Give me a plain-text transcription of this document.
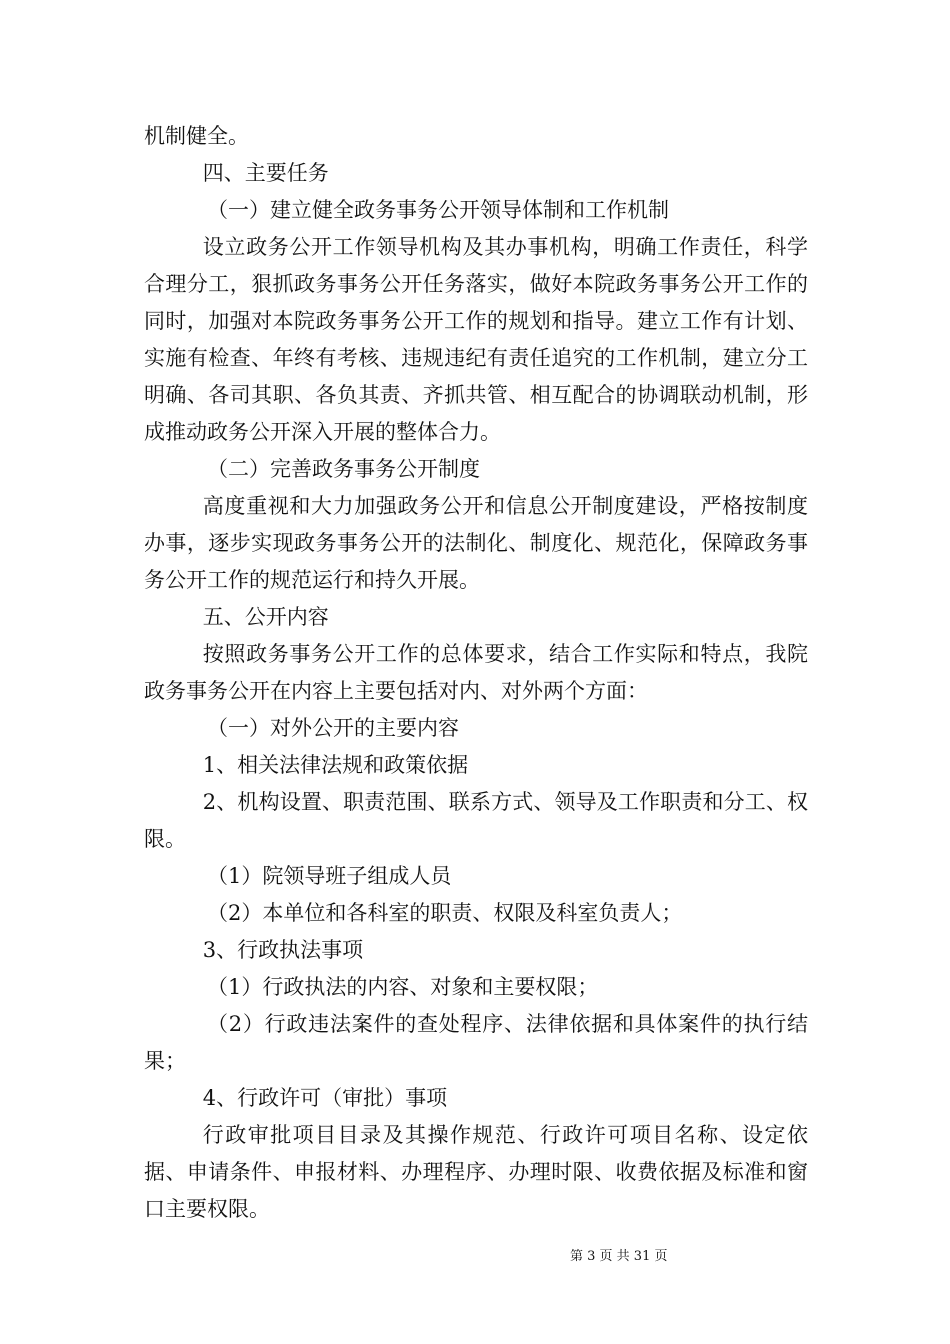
机制健全。

四、主要任务

（一）建立健全政务事务公开领导体制和工作机制

设立政务公开工作领导机构及其办事机构，明确工作责任，科学合理分工，狠抓政务事务公开任务落实，做好本院政务事务公开工作的同时，加强对本院政务事务公开工作的规划和指导。建立工作有计划、实施有检查、年终有考核、违规违纪有责任追究的工作机制，建立分工明确、各司其职、各负其责、齐抓共管、相互配合的协调联动机制，形成推动政务公开深入开展的整体合力。

（二）完善政务事务公开制度

高度重视和大力加强政务公开和信息公开制度建设，严格按制度办事，逐步实现政务事务公开的法制化、制度化、规范化，保障政务事务公开工作的规范运行和持久开展。

五、公开内容

按照政务事务公开工作的总体要求，结合工作实际和特点，我院政务事务公开在内容上主要包括对内、对外两个方面：

（一）对外公开的主要内容

1、相关法律法规和政策依据

2、机构设置、职责范围、联系方式、领导及工作职责和分工、权限。

（1）院领导班子组成人员

（2）本单位和各科室的职责、权限及科室负责人；

3、行政执法事项

（1）行政执法的内容、对象和主要权限；

（2）行政违法案件的查处程序、法律依据和具体案件的执行结果；

4、行政许可（审批）事项

行政审批项目目录及其操作规范、行政许可项目名称、设定依据、申请条件、申报材料、办理程序、办理时限、收费依据及标准和窗口主要权限。

第 3 页 共 31 页
